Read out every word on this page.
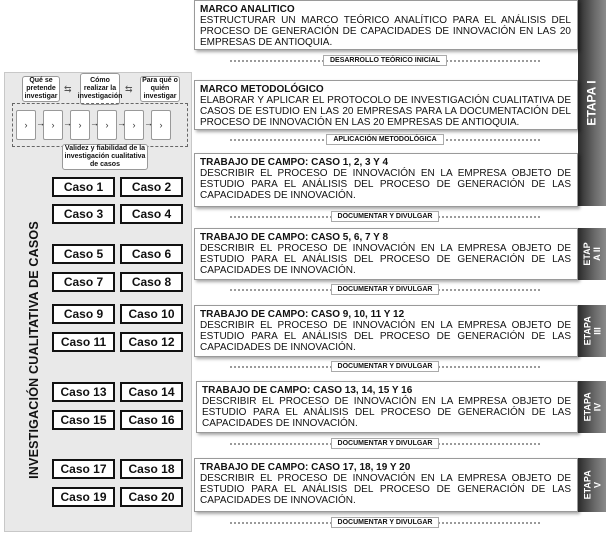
Qué se pretende investigar
Cómo realizar la investigación
Para qué o quién investigar
⇆	⇆
›	›	›	›	›	›
→ → → → →
Validez y fiabilidad de la investigación cualitativa de casos
INVESTIGACIÓN CUALITATIVA DE CASOS
Caso 1	Caso 2
Caso 3	Caso 4
Caso 5	Caso 6
Caso 7	Caso 8
Caso 9	Caso 10
Caso 11	Caso 12
Caso 13	Caso 14
Caso 15	Caso 16
Caso 17	Caso 18
Caso 19	Caso 20
ETAPA I
MARCO ANALITICO
ESTRUCTURAR UN MARCO TEÓRICO ANALÍTICO PARA EL ANÁLISIS DEL PROCESO DE GENERACIÓN DE CAPACIDADES DE INNOVACIÓN EN LAS 20 EMPRESAS DE ANTIOQUIA.
DESARROLLO TEÓRICO INICIAL
MARCO METODOLÓGICO
ELABORAR Y APLICAR EL PROTOCOLO DE INVESTIGACIÓN CUALITATIVA DE CASOS DE ESTUDIO EN LAS 20 EMPRESAS PARA LA DOCUMENTACIÓN DEL PROCESO DE INNOVACIÓN EN LAS 20 EMPRESAS DE ANTIOQUIA.
APLICACIÓN METODOLÓGICA
TRABAJO DE CAMPO: CASO 1, 2, 3 Y 4
DESCRIBIR EL PROCESO DE INNOVACIÓN EN LA EMPRESA OBJETO DE ESTUDIO PARA EL ANÁLISIS DEL PROCESO DE GENERACIÓN DE LAS CAPACIDADES DE INNOVACIÓN.
DOCUMENTAR Y DIVULGAR
TRABAJO DE CAMPO: CASO 5, 6, 7 Y 8
DESCRIBIR EL PROCESO DE INNOVACIÓN EN LA EMPRESA OBJETO DE ESTUDIO PARA EL ANÁLISIS DEL PROCESO DE GENERACIÓN DE LAS CAPACIDADES DE INNOVACIÓN.
ETAP A II
DOCUMENTAR Y DIVULGAR
TRABAJO DE CAMPO: CASO 9, 10, 11 Y 12
DESCRIBIR EL PROCESO DE INNOVACIÓN EN LA EMPRESA OBJETO DE ESTUDIO PARA EL ANÁLISIS DEL PROCESO DE GENERACIÓN DE LAS CAPACIDADES DE INNOVACIÓN.
ETAPA III
DOCUMENTAR Y DIVULGAR
TRABAJO DE CAMPO: CASO 13, 14, 15 Y 16
DESCRIBIR EL PROCESO DE INNOVACIÓN EN LA EMPRESA OBJETO DE ESTUDIO PARA EL ANÁLISIS DEL PROCESO DE GENERACIÓN DE LAS CAPACIDADES DE INNOVACIÓN.
ETAPA IV
DOCUMENTAR Y DIVULGAR
TRABAJO DE CAMPO: CASO 17, 18, 19 Y 20
DESCRIBIR EL PROCESO DE INNOVACIÓN EN LA EMPRESA OBJETO DE ESTUDIO PARA EL ANÁLISIS DEL PROCESO DE GENERACIÓN DE LAS CAPACIDADES DE INNOVACIÓN.
ETAPA V
DOCUMENTAR Y DIVULGAR
